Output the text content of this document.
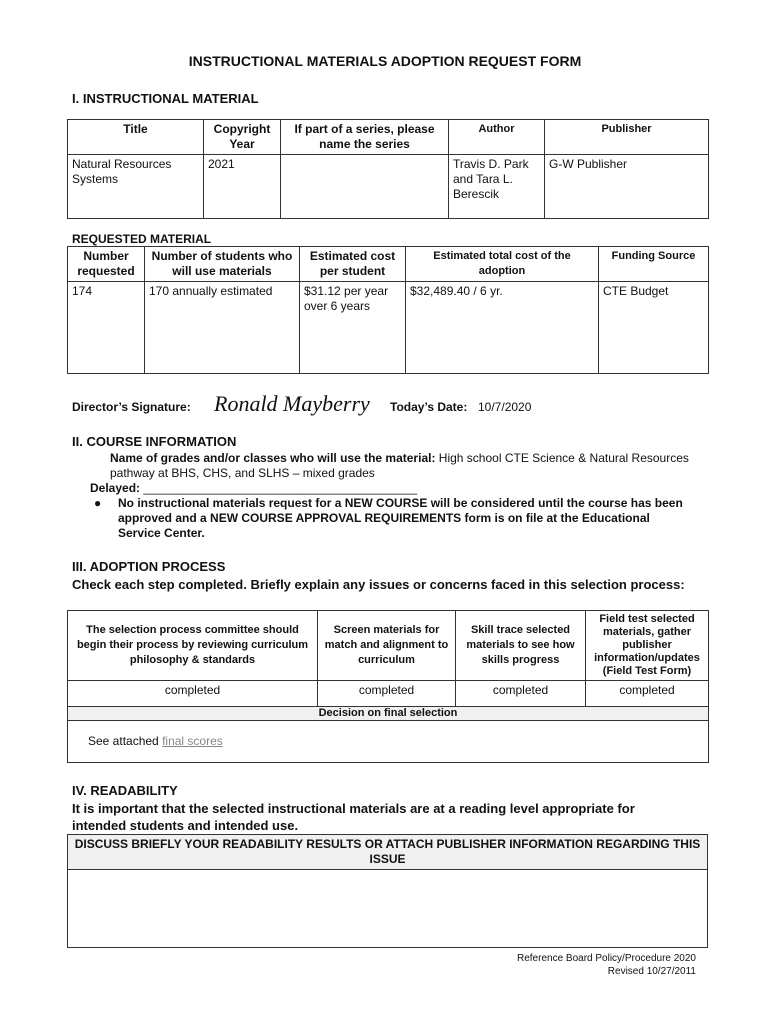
INSTRUCTIONAL MATERIALS ADOPTION REQUEST FORM
I. INSTRUCTIONAL MATERIAL
Title	Copyright Year	If part of a series, please name the series	Author	Publisher
Natural Resources Systems	2021		Travis D. Park and Tara L. Berescik	G-W Publisher
REQUESTED MATERIAL
Number requested	Number of students who will use materials	Estimated cost per student	Estimated total cost of the adoption	Funding Source
174	170 annually estimated	$31.12 per year over 6 years	$32,489.40 / 6 yr.	CTE Budget
Director’s Signature: Ronald Mayberry Today’s Date: 10/7/2020
II. COURSE INFORMATION
Name of grades and/or classes who will use the material: High school CTE Science & Natural Resources pathway at BHS, CHS, and SLHS – mixed grades
Delayed: _________________________________________
● No instructional materials request for a NEW COURSE will be considered until the course has been approved and a NEW COURSE APPROVAL REQUIREMENTS form is on file at the Educational Service Center.
III. ADOPTION PROCESS
Check each step completed. Briefly explain any issues or concerns faced in this selection process:
The selection process committee should begin their process by reviewing curriculum philosophy & standards	Screen materials for match and alignment to curriculum	Skill trace selected materials to see how skills progress	Field test selected materials, gather publisher information/updates (Field Test Form)
completed	completed	completed	completed
Decision on final selection			
See attached final scores			
IV. READABILITY
It is important that the selected instructional materials are at a reading level appropriate for intended students and intended use.
DISCUSS BRIEFLY YOUR READABILITY RESULTS OR ATTACH PUBLISHER INFORMATION REGARDING THIS ISSUE

Reference Board Policy/Procedure 2020
Revised 10/27/2011
